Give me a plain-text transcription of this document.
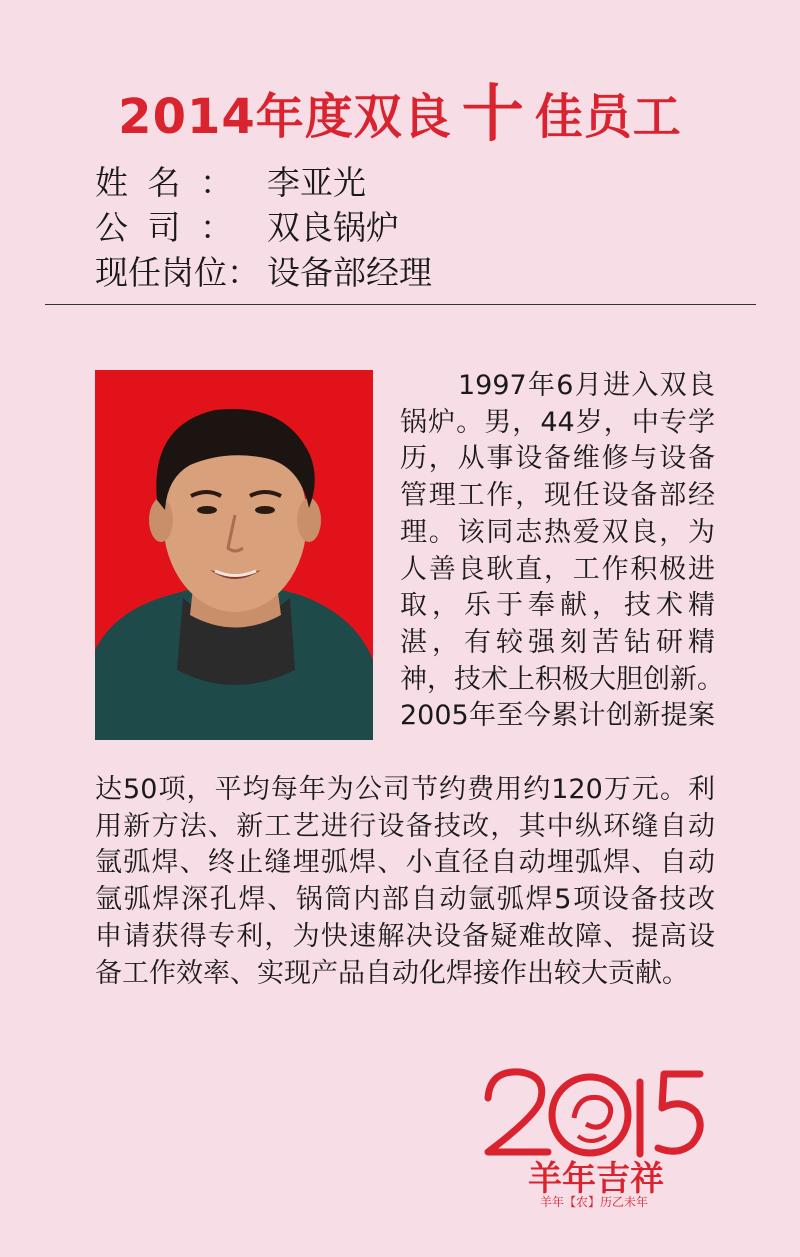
2014年度双良 十 佳员工
姓名： 李亚光
公司： 双良锅炉
现任岗位： 设备部经理
1997年6月进入双良
锅炉。男，44岁，中专学
历，从事设备维修与设备
管理工作，现任设备部经
理。该同志热爱双良，为
人善良耿直，工作积极进
取，乐于奉献，技术精
湛，有较强刻苦钻研精
神，技术上积极大胆创新。
2005年至今累计创新提案
达50项，平均每年为公司节约费用约120万元。利
用新方法、新工艺进行设备技改，其中纵环缝自动
氩弧焊、终止缝埋弧焊、小直径自动埋弧焊、自动
氩弧焊深孔焊、锅筒内部自动氩弧焊5项设备技改
申请获得专利，为快速解决设备疑难故障、提高设
备工作效率、实现产品自动化焊接作出较大贡献。
羊年吉祥
羊年【农】历乙未年
